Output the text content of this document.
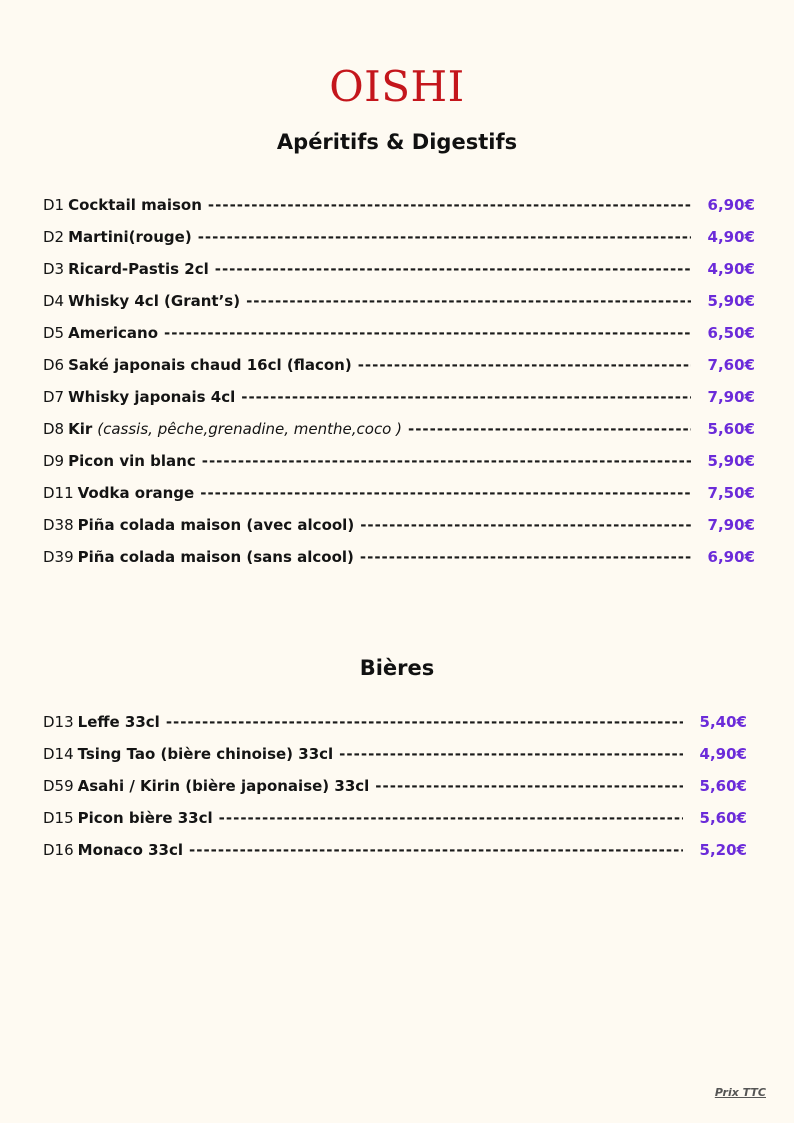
OISHI
Apéritifs & Digestifs
D1 Cocktail maison -----	6,90€
D2 Martini(rouge) -----	4,90€
D3 Ricard-Pastis 2cl -----	4,90€
D4 Whisky 4cl (Grant’s) -----	5,90€
D5 Americano -----	6,50€
D6 Saké japonais chaud 16cl (flacon) -----	7,60€
D7 Whisky japonais 4cl -----	7,90€
D8 Kir (cassis, pêche,grenadine, menthe,coco ) -----	5,60€
D9 Picon vin blanc -----	5,90€
D11 Vodka orange -----	7,50€
D38 Piña colada maison (avec alcool) -----	7,90€
D39 Piña colada maison (sans alcool) -----	6,90€
Bières
D13 Leffe 33cl -----	5,40€
D14 Tsing Tao (bière chinoise) 33cl -----	4,90€
D59 Asahi / Kirin (bière japonaise) 33cl -----	5,60€
D15 Picon bière 33cl -----	5,60€
D16 Monaco 33cl -----	5,20€
Prix TTC
